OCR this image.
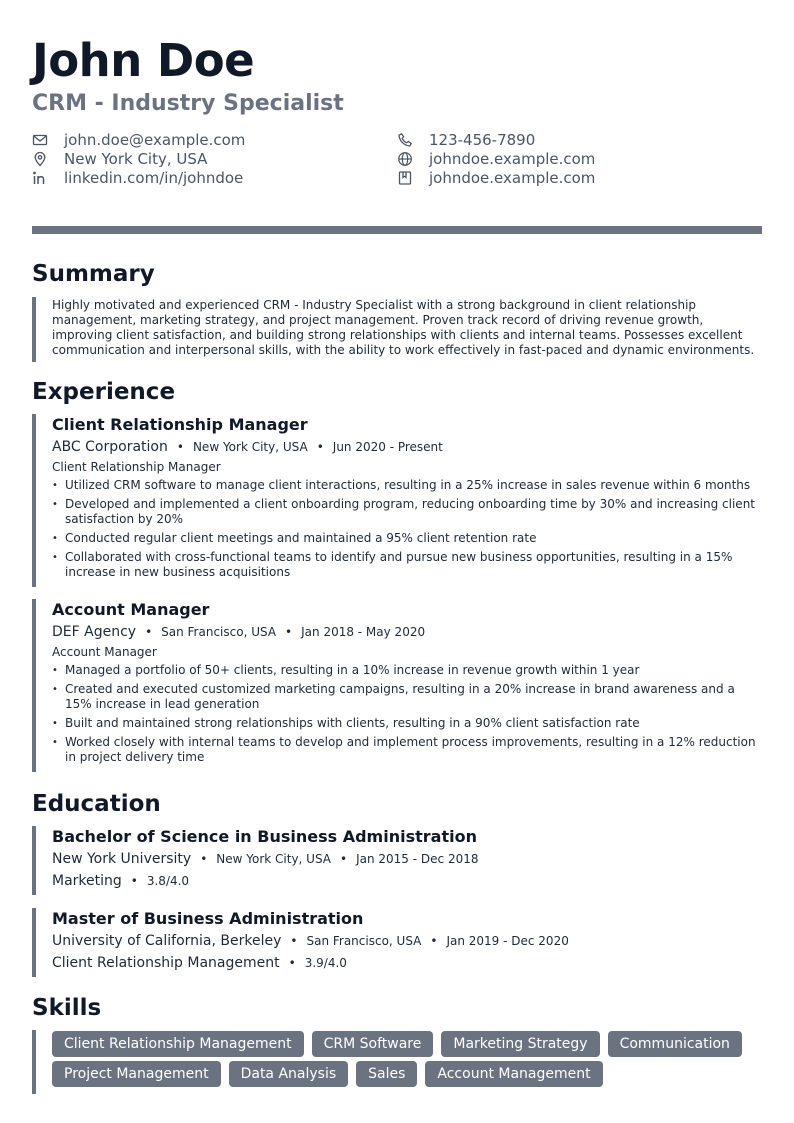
John Doe
CRM - Industry Specialist
john.doe@example.com
New York City, USA
linkedin.com/in/johndoe
123-456-7890
johndoe.example.com
johndoe.example.com
Summary
Highly motivated and experienced CRM - Industry Specialist with a strong background in client relationship management, marketing strategy, and project management. Proven track record of driving revenue growth, improving client satisfaction, and building strong relationships with clients and internal teams. Possesses excellent communication and interpersonal skills, with the ability to work effectively in fast-paced and dynamic environments.
Experience
Client Relationship Manager
ABC Corporation • New York City, USA • Jun 2020 - Present
Client Relationship Manager
• Utilized CRM software to manage client interactions, resulting in a 25% increase in sales revenue within 6 months
• Developed and implemented a client onboarding program, reducing onboarding time by 30% and increasing client satisfaction by 20%
• Conducted regular client meetings and maintained a 95% client retention rate
• Collaborated with cross-functional teams to identify and pursue new business opportunities, resulting in a 15% increase in new business acquisitions
Account Manager
DEF Agency • San Francisco, USA • Jan 2018 - May 2020
Account Manager
• Managed a portfolio of 50+ clients, resulting in a 10% increase in revenue growth within 1 year
• Created and executed customized marketing campaigns, resulting in a 20% increase in brand awareness and a 15% increase in lead generation
• Built and maintained strong relationships with clients, resulting in a 90% client satisfaction rate
• Worked closely with internal teams to develop and implement process improvements, resulting in a 12% reduction in project delivery time
Education
Bachelor of Science in Business Administration
New York University • New York City, USA • Jan 2015 - Dec 2018
Marketing • 3.8/4.0
Master of Business Administration
University of California, Berkeley • San Francisco, USA • Jan 2019 - Dec 2020
Client Relationship Management • 3.9/4.0
Skills
Client Relationship Management	CRM Software	Marketing Strategy	Communication
Project Management	Data Analysis	Sales	Account Management
